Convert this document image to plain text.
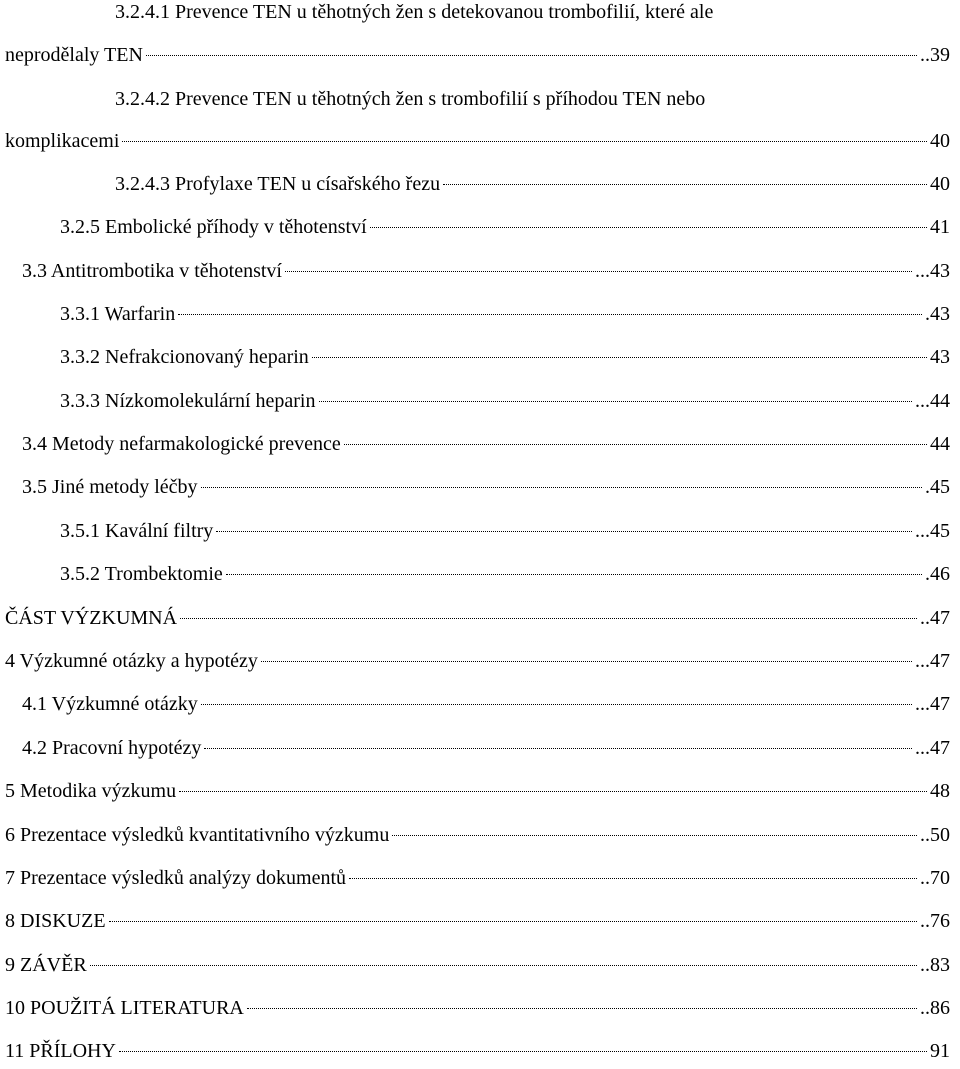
3.2.4.1 Prevence TEN u těhotných žen s detekovanou trombofilií, které ale
neprodělaly TEN	..39
3.2.4.2 Prevence TEN u těhotných žen s trombofilií s příhodou TEN nebo
komplikacemi	40
3.2.4.3 Profylaxe TEN u císařského řezu	40
3.2.5 Embolické příhody v těhotenství	41
3.3 Antitrombotika v těhotenství	...43
3.3.1 Warfarin	.43
3.3.2 Nefrakcionovaný heparin	43
3.3.3 Nízkomolekulární heparin	...44
3.4 Metody nefarmakologické prevence	44
3.5 Jiné metody léčby	.45
3.5.1 Kavální filtry	...45
3.5.2 Trombektomie	.46
ČÁST VÝZKUMNÁ	..47
4 Výzkumné otázky a hypotézy	...47
4.1 Výzkumné otázky	...47
4.2 Pracovní hypotézy	...47
5 Metodika výzkumu	48
6 Prezentace výsledků kvantitativního výzkumu	..50
7 Prezentace výsledků analýzy dokumentů	..70
8 DISKUZE	..76
9 ZÁVĚR	..83
10 POUŽITÁ LITERATURA	..86
11 PŘÍLOHY	91
